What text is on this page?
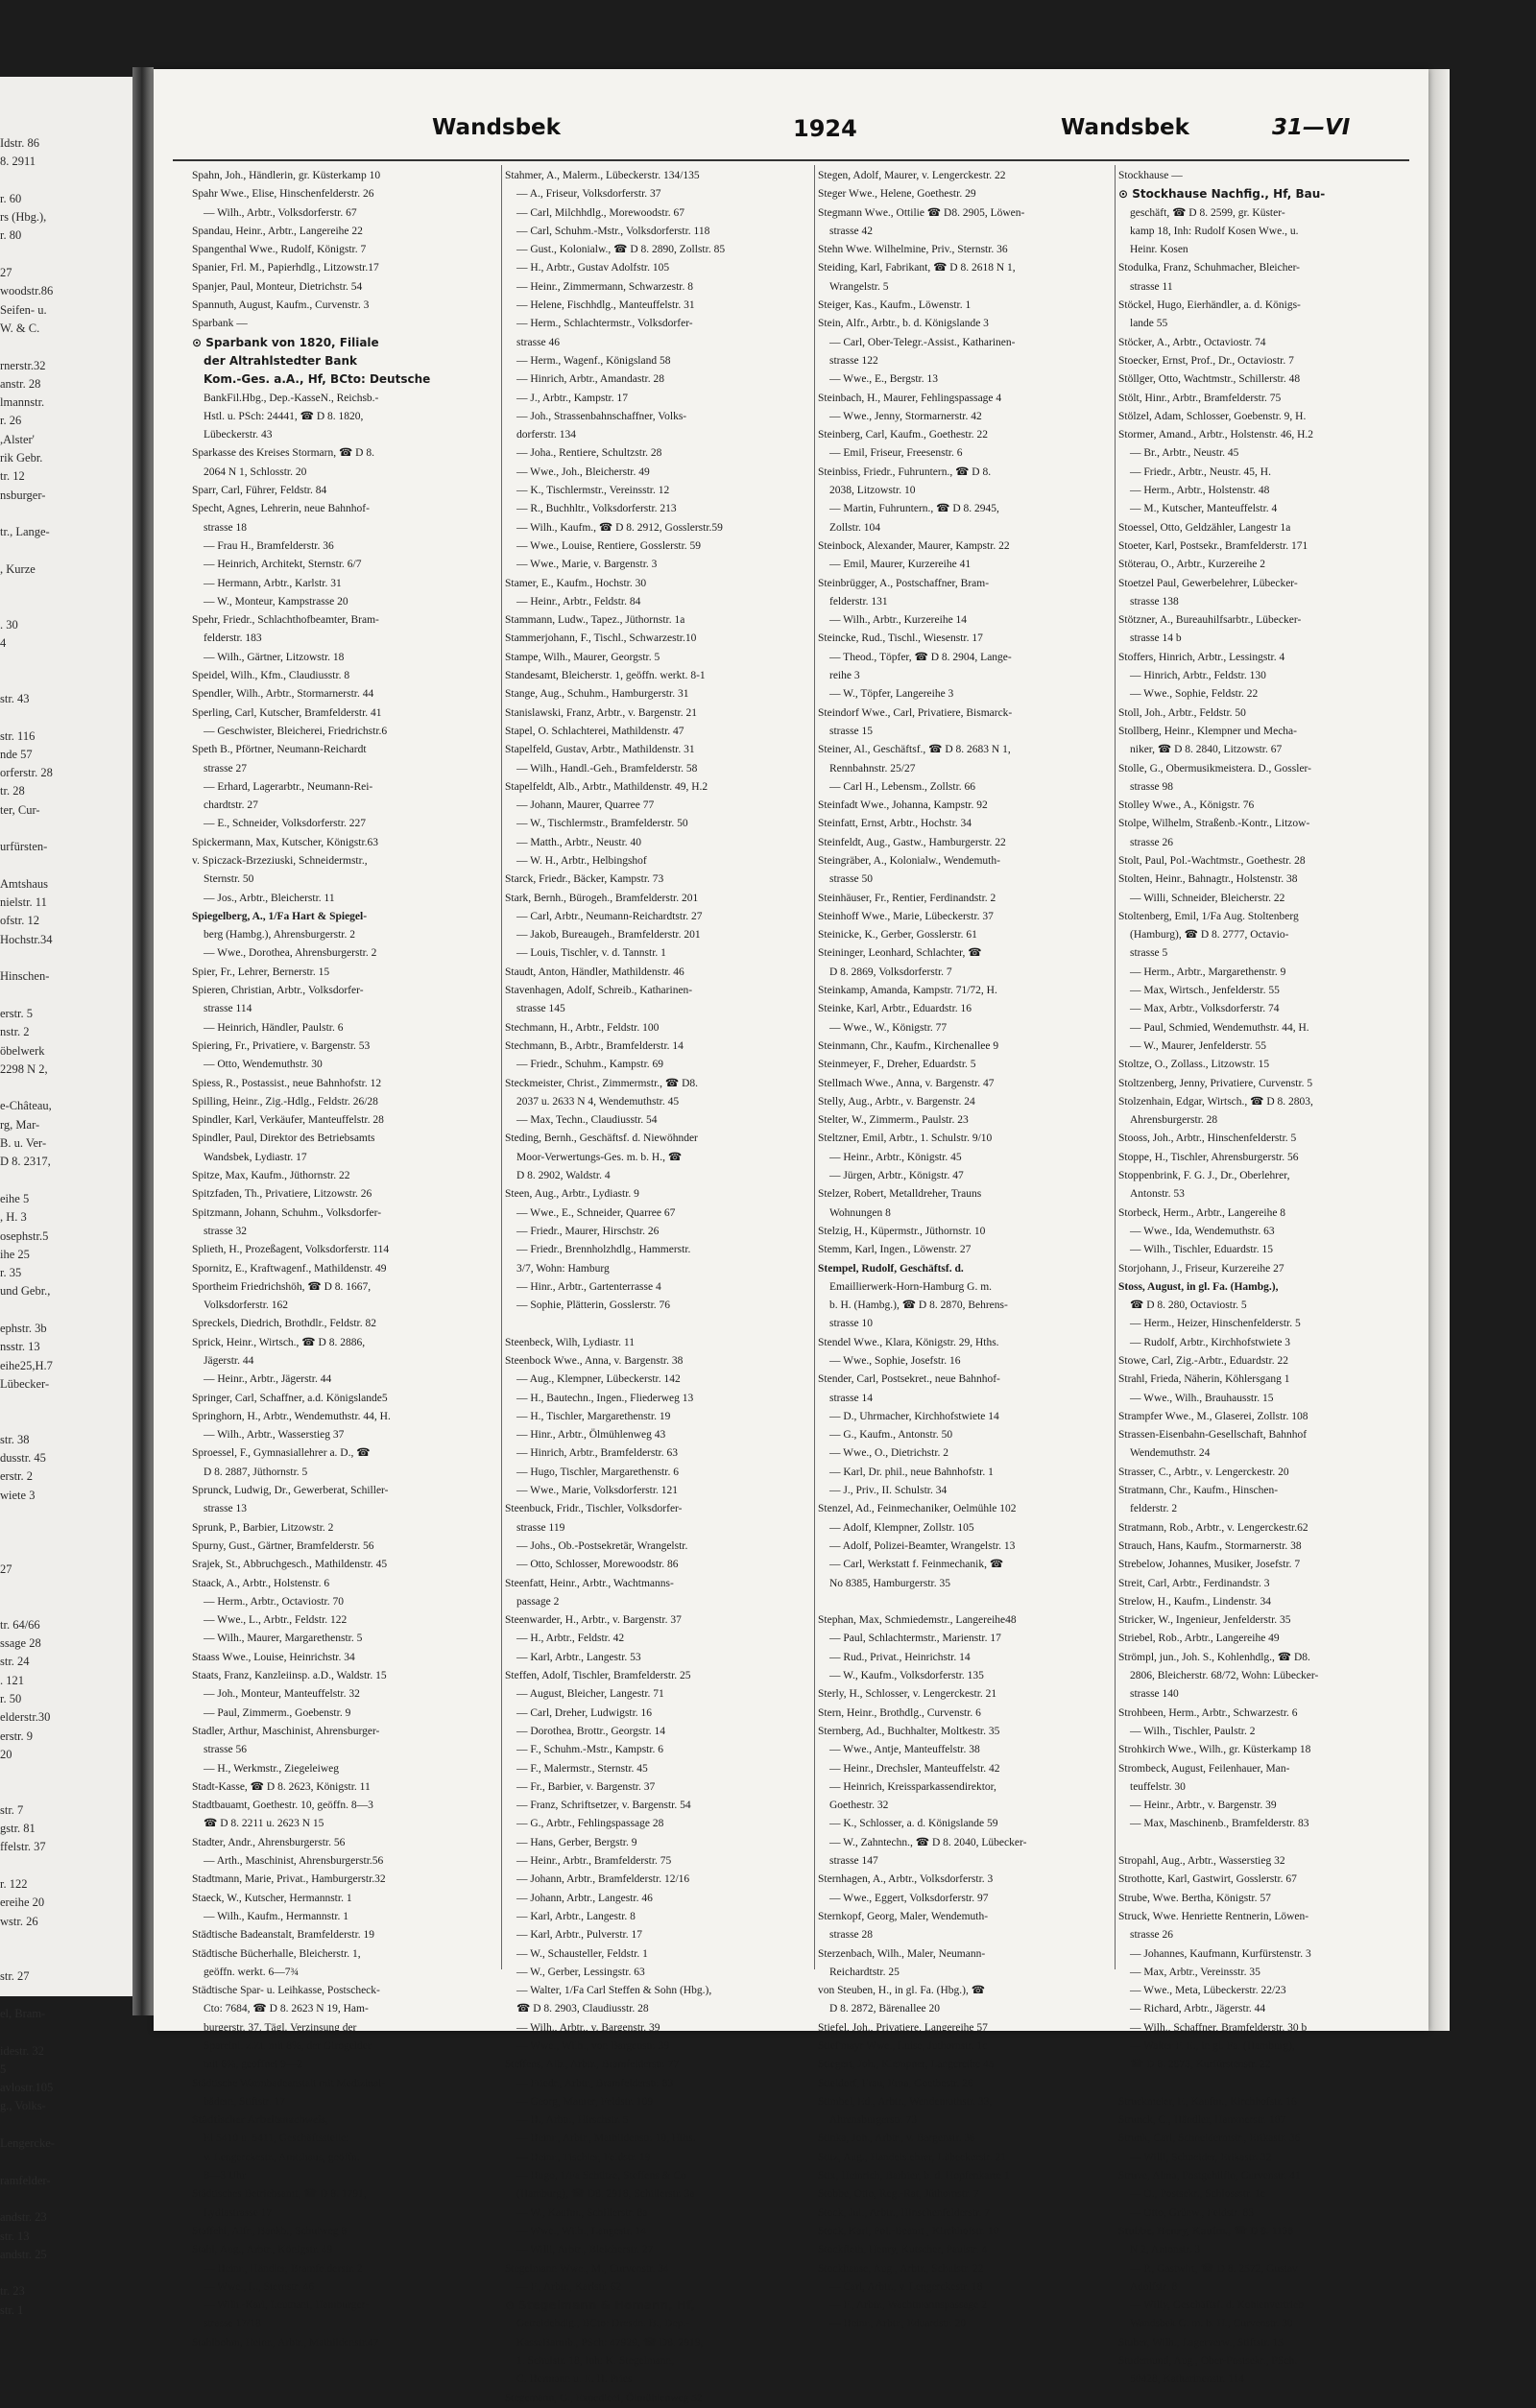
Idstr. 86
8. 2911
r. 60
rs (Hbg.),
r. 80
27
woodstr.86
Seifen- u.
W. & C.
rnerstr.32
anstr. 28
lmannstr.
r. 26
,Alster'
rik Gebr.
tr. 12
nsburger-
tr., Lange-
, Kurze
. 30
4
str. 43
str. 116
nde 57
orferstr. 28
tr. 28
ter, Cur-
urfürsten-
Amtshaus
nielstr. 11
ofstr. 12
Hochstr.34
Hinschen-
erstr. 5
nstr. 2
öbelwerk
2298 N 2,
e-Château,
rg, Mar-
B. u. Ver-
D 8. 2317,
eihe 5
, H. 3
osephstr.5
ihe 25
r. 35
und Gebr.,
ephstr. 3b
nsstr. 13
eihe25,H.7
Lübecker-
str. 38
dusstr. 45
erstr. 2
wiete 3
27
tr. 64/66
ssage 28
str. 24
. 121
r. 50
elderstr.30
erstr. 9
20
str. 7
gstr. 81
ffelstr. 37
r. 122
ereihe 20
wstr. 26
str. 27
el, Bram-
idestr. 32
5
avlostr.105
g., Volks-
Lengercke-
ramfelder-
andstr. 23
str. 13
andstr. 25
tr. 23
str. 1
Wandsbek	1924	Wandsbek	31—VI
Spahn, Joh., Händlerin, gr. Küsterkamp 10
Spahr Wwe., Elise, Hinschenfelderstr. 26
— Wilh., Arbtr., Volksdorferstr. 67
Spandau, Heinr., Arbtr., Langereihe 22
Spangenthal Wwe., Rudolf, Königstr. 7
Spanier, Frl. M., Papierhdlg., Litzowstr.17
Spanjer, Paul, Monteur, Dietrichstr. 54
Spannuth, August, Kaufm., Curvenstr. 3
Sparbank —
⊙ Sparbank von 1820, Filiale
der Altrahlstedter Bank
Kom.-Ges. a.A., Hf, BCto: Deutsche
BankFil.Hbg., Dep.-KasseN., Reichsb.-
Hstl. u. PSch: 24441, ☎ D 8. 1820,
Lübeckerstr. 43
Sparkasse des Kreises Stormarn, ☎ D 8.
2064 N 1, Schlosstr. 20
Sparr, Carl, Führer, Feldstr. 84
Specht, Agnes, Lehrerin, neue Bahnhof-
strasse 18
— Frau H., Bramfelderstr. 36
— Heinrich, Architekt, Sternstr. 6/7
— Hermann, Arbtr., Karlstr. 31
— W., Monteur, Kampstrasse 20
Spehr, Friedr., Schlachthofbeamter, Bram-
felderstr. 183
— Wilh., Gärtner, Litzowstr. 18
Speidel, Wilh., Kfm., Claudiusstr. 8
Spendler, Wilh., Arbtr., Stormarnerstr. 44
Sperling, Carl, Kutscher, Bramfelderstr. 41
— Geschwister, Bleicherei, Friedrichstr.6
Speth B., Pförtner, Neumann-Reichardt
strasse 27
— Erhard, Lagerarbtr., Neumann-Rei-
chardtstr. 27
— E., Schneider, Volksdorferstr. 227
Spickermann, Max, Kutscher, Königstr.63
v. Spiczack-Brzeziuski, Schneidermstr.,
Sternstr. 50
— Jos., Arbtr., Bleicherstr. 11
Spiegelberg, A., 1/Fa Hart & Spiegel-
berg (Hambg.), Ahrensburgerstr. 2
— Wwe., Dorothea, Ahrensburgerstr. 2
Spier, Fr., Lehrer, Bernerstr. 15
Spieren, Christian, Arbtr., Volksdorfer-
strasse 114
— Heinrich, Händler, Paulstr. 6
Spiering, Fr., Privatiere, v. Bargenstr. 53
— Otto, Wendemuthstr. 30
Spiess, R., Postassist., neue Bahnhofstr. 12
Spilling, Heinr., Zig.-Hdlg., Feldstr. 26/28
Spindler, Karl, Verkäufer, Manteuffelstr. 28
Spindler, Paul, Direktor des Betriebsamts
Wandsbek, Lydiastr. 17
Spitze, Max, Kaufm., Jüthornstr. 22
Spitzfaden, Th., Privatiere, Litzowstr. 26
Spitzmann, Johann, Schuhm., Volksdorfer-
strasse 32
Splieth, H., Prozeßagent, Volksdorferstr. 114
Spornitz, E., Kraftwagenf., Mathildenstr. 49
Sportheim Friedrichshöh, ☎ D 8. 1667,
Volksdorferstr. 162
Spreckels, Diedrich, Brothdlr., Feldstr. 82
Sprick, Heinr., Wirtsch., ☎ D 8. 2886,
Jägerstr. 44
— Heinr., Arbtr., Jägerstr. 44
Springer, Carl, Schaffner, a.d. Königslande5
Springhorn, H., Arbtr., Wendemuthstr. 44, H.
— Wilh., Arbtr., Wasserstieg 37
Sproessel, F., Gymnasiallehrer a. D., ☎
D 8. 2887, Jüthornstr. 5
Sprunck, Ludwig, Dr., Gewerberat, Schiller-
strasse 13
Sprunk, P., Barbier, Litzowstr. 2
Spurny, Gust., Gärtner, Bramfelderstr. 56
Srajek, St., Abbruchgesch., Mathildenstr. 45
Staack, A., Arbtr., Holstenstr. 6
— Herm., Arbtr., Octaviostr. 70
— Wwe., L., Arbtr., Feldstr. 122
— Wilh., Maurer, Margarethenstr. 5
Staass Wwe., Louise, Heinrichstr. 34
Staats, Franz, Kanzleiinsp. a.D., Waldstr. 15
— Joh., Monteur, Manteuffelstr. 32
— Paul, Zimmerm., Goebenstr. 9
Stadler, Arthur, Maschinist, Ahrensburger-
strasse 56
— H., Werkmstr., Ziegeleiweg
Stadt-Kasse, ☎ D 8. 2623, Königstr. 11
Stadtbauamt, Goethestr. 10, geöffn. 8—3
☎ D 8. 2211 u. 2623 N 15
Stadter, Andr., Ahrensburgerstr. 56
— Arth., Maschinist, Ahrensburgerstr.56
Stadtmann, Marie, Privat., Hamburgerstr.32
Staeck, W., Kutscher, Hermannstr. 1
— Wilh., Kaufm., Hermannstr. 1
Städtische Badeanstalt, Bramfelderstr. 19
Städtische Bücherhalle, Bleicherstr. 1,
geöffn. werkt. 6—7¾
Städtische Spar- u. Leihkasse, Postscheck-
Cto: 7684, ☎ D 8. 2623 N 19, Ham-
burgerstr. 37. Tägl. Verzinsung der
Spareinl. z.Zt. mit 8%, der Girogelder
mit 6%, geöffnet 9—2
Städtische Warmbadeanstalt mit Medizinal-
bädern, Stiftstr. 17
Städtischer Arbeitsnachweis,
El 5410 u. 5411, Geschäftsstelle:
v. Lengerckestr., Amtshaus, geöffn.
8—3 Uhr
Städtisches Betriebsamt, ☎ D 8. 1791,
Lydiastrasse 17
Staffehl, Alfr., Bankb., Schulweg 8
Stahl, Aug., Arbtr., Königstr. 49
— Heinr., Händler, Bramfelderstr. 2
— Wwe., L., Sternstr. 46
— Wilh.-Karl, Leutnant, Hamburger-
strasse 17/18
Stahlbohm, Heinr., Arbtr., Mathildenstr.47
Stahmer, A., Malerm., Lübeckerstr. 134/135
— A., Friseur, Volksdorferstr. 37
— Carl, Milchhdlg., Morewoodstr. 67
— Carl, Schuhm.-Mstr., Volksdorferstr. 118
— Gust., Kolonialw., ☎ D 8. 2890, Zollstr. 85
— H., Arbtr., Gustav Adolfstr. 105
— Heinr., Zimmermann, Schwarzestr. 8
— Helene, Fischhdlg., Manteuffelstr. 31
— Herm., Schlachtermstr., Volksdorfer-
strasse 46
— Herm., Wagenf., Königsland 58
— Hinrich, Arbtr., Amandastr. 28
— J., Arbtr., Kampstr. 17
— Joh., Strassenbahnschaffner, Volks-
dorferstr. 134
— Joha., Rentiere, Schultzstr. 28
— Wwe., Joh., Bleicherstr. 49
— K., Tischlermstr., Vereinsstr. 12
— R., Buchhltr., Volksdorferstr. 213
— Wilh., Kaufm., ☎ D 8. 2912, Gosslerstr.59
— Wwe., Louise, Rentiere, Gosslerstr. 59
— Wwe., Marie, v. Bargenstr. 3
Stamer, E., Kaufm., Hochstr. 30
— Heinr., Arbtr., Feldstr. 84
Stammann, Ludw., Tapez., Jüthornstr. 1a
Stammerjohann, F., Tischl., Schwarzestr.10
Stampe, Wilh., Maurer, Georgstr. 5
Standesamt, Bleicherstr. 1, geöffn. werkt. 8-1
Stange, Aug., Schuhm., Hamburgerstr. 31
Stanislawski, Franz, Arbtr., v. Bargenstr. 21
Stapel, O. Schlachterei, Mathildenstr. 47
Stapelfeld, Gustav, Arbtr., Mathildenstr. 31
— Wilh., Handl.-Geh., Bramfelderstr. 58
Stapelfeldt, Alb., Arbtr., Mathildenstr. 49, H.2
— Johann, Maurer, Quarree 77
— W., Tischlermstr., Bramfelderstr. 50
— Matth., Arbtr., Neustr. 40
— W. H., Arbtr., Helbingshof
Starck, Friedr., Bäcker, Kampstr. 73
Stark, Bernh., Bürogeh., Bramfelderstr. 201
— Carl, Arbtr., Neumann-Reichardtstr. 27
— Jakob, Bureaugeh., Bramfelderstr. 201
— Louis, Tischler, v. d. Tannstr. 1
Staudt, Anton, Händler, Mathildenstr. 46
Stavenhagen, Adolf, Schreib., Katharinen-
strasse 145
Stechmann, H., Arbtr., Feldstr. 100
Stechmann, B., Arbtr., Bramfelderstr. 14
— Friedr., Schuhm., Kampstr. 69
Steckmeister, Christ., Zimmermstr., ☎ D8.
2037 u. 2633 N 4, Wendemuthstr. 45
— Max, Techn., Claudiusstr. 54
Steding, Bernh., Geschäftsf. d. Niewöhnder
Moor-Verwertungs-Ges. m. b. H., ☎
D 8. 2902, Waldstr. 4
Steen, Aug., Arbtr., Lydiastr. 9
— Wwe., E., Schneider, Quarree 67
— Friedr., Maurer, Hirschstr. 26
— Friedr., Brennholzhdlg., Hammerstr.
3/7, Wohn: Hamburg
— Hinr., Arbtr., Gartenterrasse 4
— Sophie, Plätterin, Gosslerstr. 76
Steenbeck, Wilh, Lydiastr. 11
Steenbock Wwe., Anna, v. Bargenstr. 38
— Aug., Klempner, Lübeckerstr. 142
— H., Bautechn., Ingen., Fliederweg 13
— H., Tischler, Margarethenstr. 19
— Hinr., Arbtr., Ölmühlenweg 43
— Hinrich, Arbtr., Bramfelderstr. 63
— Hugo, Tischler, Margarethenstr. 6
— Wwe., Marie, Volksdorferstr. 121
Steenbuck, Fridr., Tischler, Volksdorfer-
strasse 119
— Johs., Ob.-Postsekretär, Wrangelstr.
— Otto, Schlosser, Morewoodstr. 86
Steenfatt, Heinr., Arbtr., Wachtmanns-
passage 2
Steenwarder, H., Arbtr., v. Bargenstr. 37
— H., Arbtr., Feldstr. 42
— Karl, Arbtr., Langestr. 53
Steffen, Adolf, Tischler, Bramfelderstr. 25
— August, Bleicher, Langestr. 71
— Carl, Dreher, Ludwigstr. 16
— Dorothea, Brottr., Georgstr. 14
— F., Schuhm.-Mstr., Kampstr. 6
— F., Malermstr., Sternstr. 45
— Fr., Barbier, v. Bargenstr. 37
— Franz, Schriftsetzer, v. Bargenstr. 54
— G., Arbtr., Fehlingspassage 28
— Hans, Gerber, Bergstr. 9
— Heinr., Arbtr., Bramfelderstr. 75
— Johann, Arbtr., Bramfelderstr. 12/16
— Johann, Arbtr., Langestr. 46
— Karl, Arbtr., Langestr. 8
— Karl, Arbtr., Pulverstr. 17
— W., Schausteller, Feldstr. 1
— W., Gerber, Lessingstr. 63
— Walter, 1/Fa Carl Steffen & Sohn (Hbg.),
☎ D 8. 2903, Claudiusstr. 28
— Wilh., Arbtr., v. Bargenstr. 39
— Wwe., Wilh., von Bargenstr. 39
Steffens, Alb., Arbtr., Bramfelderstr. 77
— Friedr., Arbtr., Bramfelderstr. 83
— Georg, Maurer, Feldstr. 109
— H., Arbtr., Hirschstr. 5
— Heinr., Arbtr., Mathildenstr. 10, Hths.
— Heinr., Tischler, Feldstr. 19
— Hugo, 1/Fa Schütze, Steffens & Co
(Hamburg), ☎ D8. 2918, Schillerstr. 3a
— W., Kaufm., Schillerstr. 8a
— Wwe., Wilh., Langestr. 14
— Willi, Arbtr., Bleicherstr. 27
Stegelmann Wwe., M., Curvenstr. 34
— F., Arbtr., Karlstr. 62
⊙ Stegelmann & Homann, Hf,
Getreidehdlg., BCto: Dresdn. B., Dep.-
KasseBarmb., PSch: 47929, ☎ D8. 2919,
1. Schulstr. 18, Inh: K. Stegelmann,
C. Hermann u. E. H. Pries
Stegemann, G., Expedient, Ölmühlenweg 52
Stegen, Adolf, Maurer, v. Lengerckestr. 22
Steger Wwe., Helene, Goethestr. 29
Stegmann Wwe., Ottilie ☎ D8. 2905, Löwen-
strasse 42
Stehn Wwe. Wilhelmine, Priv., Sternstr. 36
Steiding, Karl, Fabrikant, ☎ D 8. 2618 N 1,
Wrangelstr. 5
Steiger, Kas., Kaufm., Löwenstr. 1
Stein, Alfr., Arbtr., b. d. Königslande 3
— Carl, Ober-Telegr.-Assist., Katharinen-
strasse 122
— Wwe., E., Bergstr. 13
Steinbach, H., Maurer, Fehlingspassage 4
— Wwe., Jenny, Stormarnerstr. 42
Steinberg, Carl, Kaufm., Goethestr. 22
— Emil, Friseur, Freesenstr. 6
Steinbiss, Friedr., Fuhruntern., ☎ D 8.
2038, Litzowstr. 10
— Martin, Fuhruntern., ☎ D 8. 2945,
Zollstr. 104
Steinbock, Alexander, Maurer, Kampstr. 22
— Emil, Maurer, Kurzereihe 41
Steinbrügger, A., Postschaffner, Bram-
felderstr. 131
— Wilh., Arbtr., Kurzereihe 14
Steincke, Rud., Tischl., Wiesenstr. 17
— Theod., Töpfer, ☎ D 8. 2904, Lange-
reihe 3
— W., Töpfer, Langereihe 3
Steindorf Wwe., Carl, Privatiere, Bismarck-
strasse 15
Steiner, Al., Geschäftsf., ☎ D 8. 2683 N 1,
Rennbahnstr. 25/27
— Carl H., Lebensm., Zollstr. 66
Steinfadt Wwe., Johanna, Kampstr. 92
Steinfatt, Ernst, Arbtr., Hochstr. 34
Steinfeldt, Aug., Gastw., Hamburgerstr. 22
Steingräber, A., Kolonialw., Wendemuth-
strasse 50
Steinhäuser, Fr., Rentier, Ferdinandstr. 2
Steinhoff Wwe., Marie, Lübeckerstr. 37
Steinicke, K., Gerber, Gosslerstr. 61
Steininger, Leonhard, Schlachter, ☎
D 8. 2869, Volksdorferstr. 7
Steinkamp, Amanda, Kampstr. 71/72, H.
Steinke, Karl, Arbtr., Eduardstr. 16
— Wwe., W., Königstr. 77
Steinmann, Chr., Kaufm., Kirchenallee 9
Steinmeyer, F., Dreher, Eduardstr. 5
Stellmach Wwe., Anna, v. Bargenstr. 47
Stelly, Aug., Arbtr., v. Bargenstr. 24
Stelter, W., Zimmerm., Paulstr. 23
Steltzner, Emil, Arbtr., 1. Schulstr. 9/10
— Heinr., Arbtr., Königstr. 45
— Jürgen, Arbtr., Königstr. 47
Stelzer, Robert, Metalldreher, Trauns
Wohnungen 8
Stelzig, H., Küpermstr., Jüthornstr. 10
Stemm, Karl, Ingen., Löwenstr. 27
Stempel, Rudolf, Geschäftsf. d.
Emaillierwerk-Horn-Hamburg G. m.
b. H. (Hambg.), ☎ D 8. 2870, Behrens-
strasse 10
Stendel Wwe., Klara, Königstr. 29, Hths.
— Wwe., Sophie, Josefstr. 16
Stender, Carl, Postsekret., neue Bahnhof-
strasse 14
— D., Uhrmacher, Kirchhofstwiete 14
— G., Kaufm., Antonstr. 50
— Wwe., O., Dietrichstr. 2
— Karl, Dr. phil., neue Bahnhofstr. 1
— J., Priv., II. Schulstr. 34
Stenzel, Ad., Feinmechaniker, Oelmühle 102
— Adolf, Klempner, Zollstr. 105
— Adolf, Polizei-Beamter, Wrangelstr. 13
— Carl, Werkstatt f. Feinmechanik, ☎
No 8385, Hamburgerstr. 35
Stephan, Max, Schmiedemstr., Langereihe48
— Paul, Schlachtermstr., Marienstr. 17
— Rud., Privat., Heinrichstr. 14
— W., Kaufm., Volksdorferstr. 135
Sterly, H., Schlosser, v. Lengerckestr. 21
Stern, Heinr., Brothdlg., Curvenstr. 6
Sternberg, Ad., Buchhalter, Moltkestr. 35
— Wwe., Antje, Manteuffelstr. 38
— Heinr., Drechsler, Manteuffelstr. 42
— Heinrich, Kreissparkassendirektor,
Goethestr. 32
— K., Schlosser, a. d. Königslande 59
— W., Zahntechn., ☎ D 8. 2040, Lübecker-
strasse 147
Sternhagen, A., Arbtr., Volksdorferstr. 3
— Wwe., Eggert, Volksdorferstr. 97
Sternkopf, Georg, Maler, Wendemuth-
strasse 28
Sterzenbach, Wilh., Maler, Neumann-
Reichardtstr. 25
von Steuben, H., in gl. Fa. (Hbg.), ☎
D 8. 2872, Bärenallee 20
Stiefel, Joh., Privatiere, Langereihe 57
Stief'mayr Wwe., Luise, Juthornstr. 1c
Stiegert, Joh., Klempner, Langereihe 45
Stieldorf, Frau, Erna, Goethestr. 26
Stimbel, Ed., Arbtr., Wendemuthstr. 33,
Ahrensburgerstr. 73
Stinka, Joh., Arbtr., v. Bargenstr. 36
Stitz, Aug., Handelslehrer, Lübeckerstr. 21
Stix, Heinrich, Barbier, b. d. Hopfenkarre 1
Stobbe, Otto, Reg.-Rat, Jüthornstr. 7
Stock, Jul., Arbtr., Hinschenfelderstr. 7
Stock, Karl, Pol.-Beamt., Kirchhofstr. 10
Stockfleth, Henry, Kutscher, Paulstr. 4
Stockhause, Aug., Arbtr., Schulstr. 22
— Carl, Arbtr., v. Lengerckestr. 18
— F., Arbtr., Wachtmannspassage 2
— Heinr., Arbtr., Eduardstr. 20
Stockhause —
⊙ Stockhause Nachfig., Hf, Bau-
geschäft, ☎ D 8. 2599, gr. Küster-
kamp 18, Inh: Rudolf Kosen Wwe., u.
Heinr. Kosen
Stodulka, Franz, Schuhmacher, Bleicher-
strasse 11
Stöckel, Hugo, Eierhändler, a. d. Königs-
lande 55
Stöcker, A., Arbtr., Octaviostr. 74
Stoecker, Ernst, Prof., Dr., Octaviostr. 7
Stöllger, Otto, Wachtmstr., Schillerstr. 48
Stölt, Hinr., Arbtr., Bramfelderstr. 75
Stölzel, Adam, Schlosser, Goebenstr. 9, H.
Stormer, Amand., Arbtr., Holstenstr. 46, H.2
— Br., Arbtr., Neustr. 45
— Friedr., Arbtr., Neustr. 45, H.
— Herm., Arbtr., Holstenstr. 48
— M., Kutscher, Manteuffelstr. 4
Stoessel, Otto, Geldzähler, Langestr 1a
Stoeter, Karl, Postsekr., Bramfelderstr. 171
Stöterau, O., Arbtr., Kurzereihe 2
Stoetzel Paul, Gewerbelehrer, Lübecker-
strasse 138
Stötzner, A., Bureauhilfsarbtr., Lübecker-
strasse 14 b
Stoffers, Hinrich, Arbtr., Lessingstr. 4
— Hinrich, Arbtr., Feldstr. 130
— Wwe., Sophie, Feldstr. 22
Stoll, Joh., Arbtr., Feldstr. 50
Stollberg, Heinr., Klempner und Mecha-
niker, ☎ D 8. 2840, Litzowstr. 67
Stolle, G., Obermusikmeistera. D., Gossler-
strasse 98
Stolley Wwe., A., Königstr. 76
Stolpe, Wilhelm, Straßenb.-Kontr., Litzow-
strasse 26
Stolt, Paul, Pol.-Wachtmstr., Goethestr. 28
Stolten, Heinr., Bahnagtr., Holstenstr. 38
— Willi, Schneider, Bleicherstr. 22
Stoltenberg, Emil, 1/Fa Aug. Stoltenberg
(Hamburg), ☎ D 8. 2777, Octavio-
strasse 5
— Herm., Arbtr., Margarethenstr. 9
— Max, Wirtsch., Jenfelderstr. 55
— Max, Arbtr., Volksdorferstr. 74
— Paul, Schmied, Wendemuthstr. 44, H.
— W., Maurer, Jenfelderstr. 55
Stoltze, O., Zollass., Litzowstr. 15
Stoltzenberg, Jenny, Privatiere, Curvenstr. 5
Stolzenhain, Edgar, Wirtsch., ☎ D 8. 2803,
Ahrensburgerstr. 28
Stooss, Joh., Arbtr., Hinschenfelderstr. 5
Stoppe, H., Tischler, Ahrensburgerstr. 56
Stoppenbrink, F. G. J., Dr., Oberlehrer,
Antonstr. 53
Storbeck, Herm., Arbtr., Langereihe 8
— Wwe., Ida, Wendemuthstr. 63
— Wilh., Tischler, Eduardstr. 15
Storjohann, J., Friseur, Kurzereihe 27
Stoss, August, in gl. Fa. (Hambg.),
☎ D 8. 280, Octaviostr. 5
— Herm., Heizer, Hinschenfelderstr. 5
— Rudolf, Arbtr., Kirchhofstwiete 3
Stowe, Carl, Zig.-Arbtr., Eduardstr. 22
Strahl, Frieda, Näherin, Köhlersgang 1
— Wwe., Wilh., Brauhausstr. 15
Strampfer Wwe., M., Glaserei, Zollstr. 108
Strassen-Eisenbahn-Gesellschaft, Bahnhof
Wendemuthstr. 24
Strasser, C., Arbtr., v. Lengerckestr. 20
Stratmann, Chr., Kaufm., Hinschen-
felderstr. 2
Stratmann, Rob., Arbtr., v. Lengerckestr.62
Strauch, Hans, Kaufm., Stormarnerstr. 38
Strebelow, Johannes, Musiker, Josefstr. 7
Streit, Carl, Arbtr., Ferdinandstr. 3
Strelow, H., Kaufm., Lindenstr. 34
Stricker, W., Ingenieur, Jenfelderstr. 35
Striebel, Rob., Arbtr., Langereihe 49
Strömpl, jun., Joh. S., Kohlenhdlg., ☎ D8.
2806, Bleicherstr. 68/72, Wohn: Lübecker-
strasse 140
Strohbeen, Herm., Arbtr., Schwarzestr. 6
— Wilh., Tischler, Paulstr. 2
Strohkirch Wwe., Wilh., gr. Küsterkamp 18
Strombeck, August, Feilenhauer, Man-
teuffelstr. 30
— Heinr., Arbtr., v. Bargenstr. 39
— Max, Maschinenb., Bramfelderstr. 83
Stropahl, Aug., Arbtr., Wasserstieg 32
Strothotte, Karl, Gastwirt, Gosslerstr. 67
Strube, Wwe. Bertha, Königstr. 57
Struck, Wwe. Henriette Rentnerin, Löwen-
strasse 26
— Johannes, Kaufmann, Kurfürstenstr. 3
— Max, Arbtr., Vereinsstr. 35
— Wwe., Meta, Lübeckerstr. 22/23
— Richard, Arbtr., Jägerstr. 44
— Wilh., Schaffner, Bramfelderstr. 30 b
— Walter F. E., in gl. Fa. (Hamburg),
☎ D 8. 2873, Kurfürstenstr. 22
Struckmeier, F., Kaufm., Kirchhofstr. 16
Strunck, C., Händler, Hammerstr. 107
Strunk, Carl, Schneidermstr., Erikastr. 36
— Willi, Schneider, Erikastr. 32
Struve, Alma, Postgehilfin, Curvenstr. 41
— O., Postsekr., Schlossstr. 1c
— Otto, Grünw., Feldstr. 83
Stubbe, Henry, Kaufm., ☎ D 8. 1138
N 2, Antonstr. 3
— P., Gastwirt, ☎ D 8. 2572, Gustav
Adolfstr. 8
— Willy, Geschäftsf. d. Kohlenvertrieb
Wandsbek G. m. b. H., Curvenstr. 30
Stuber, Wilh., Lagerverw., Stiftstr. 15
Studemund, Aug., Ober-Postsekr., PSch.
50428, Katharinenstr. 114
